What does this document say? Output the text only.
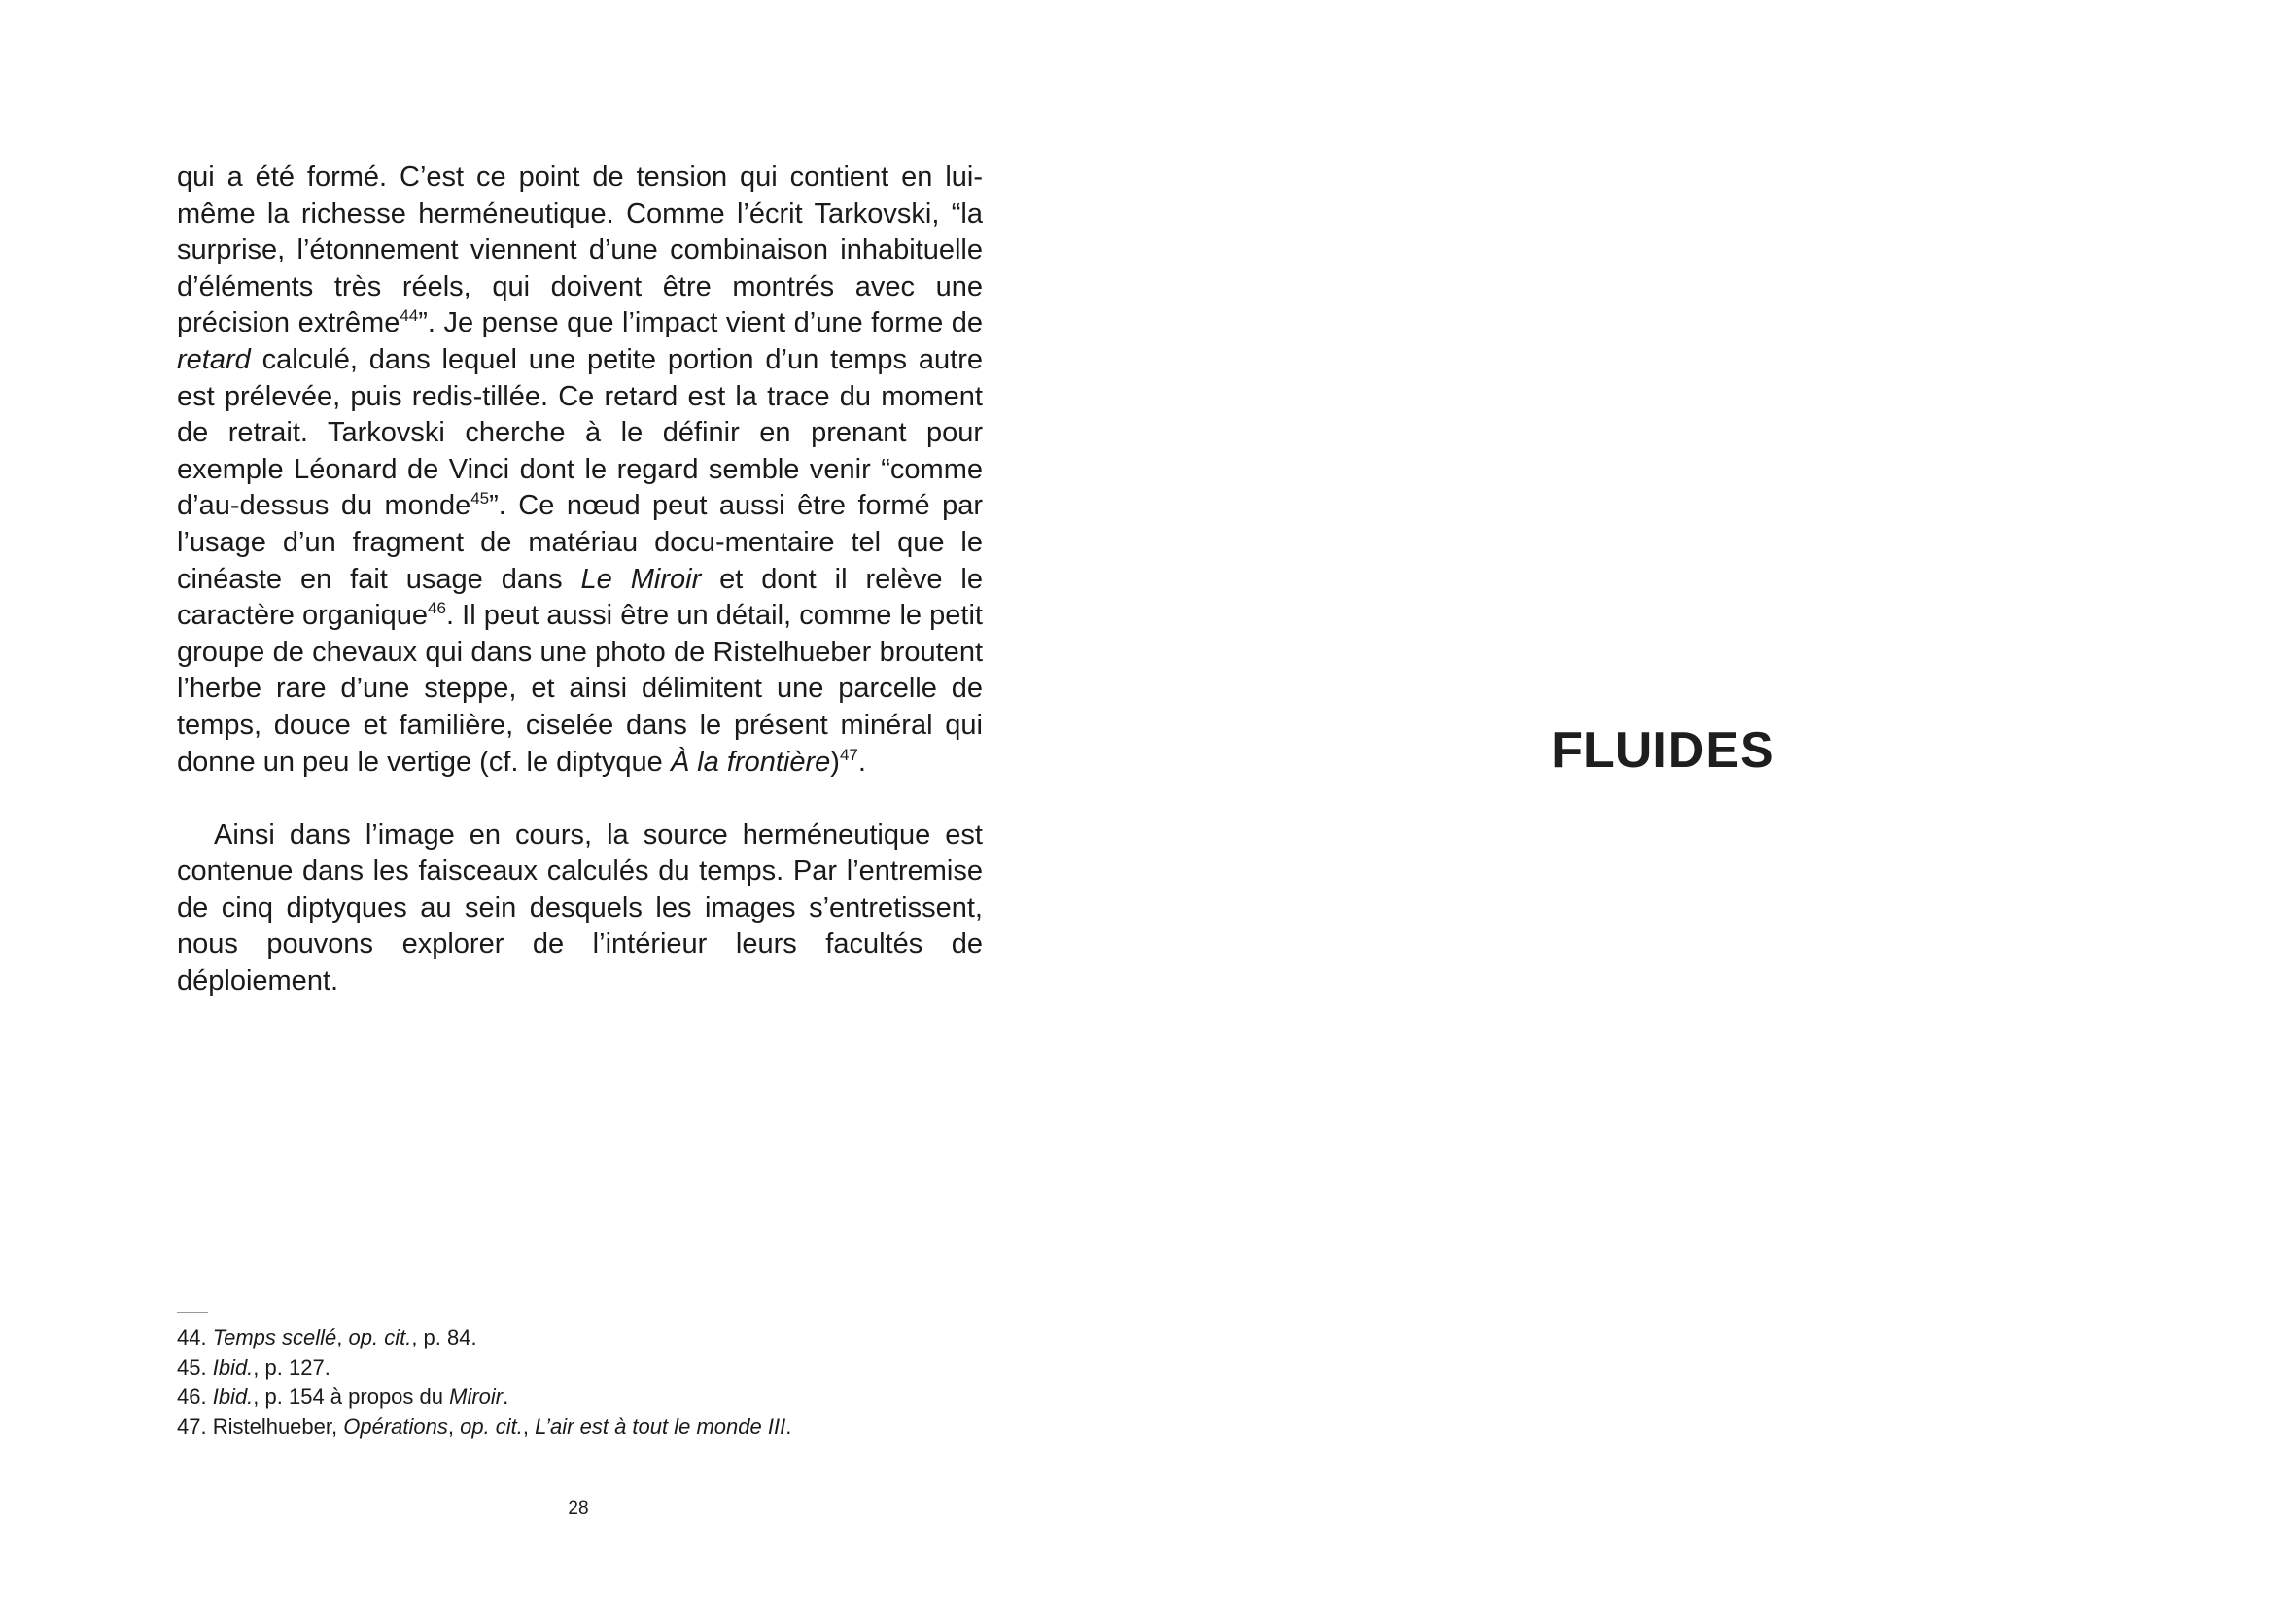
qui a été formé. C’est ce point de tension qui contient en lui-même la richesse herméneutique. Comme l’écrit Tarkovski, “la surprise, l’étonnement viennent d’une combinaison inhabituelle d’éléments très réels, qui doivent être montrés avec une précision extrême$^{44}$”. Je pense que l’impact vient d’une forme de retard calculé, dans lequel une petite portion d’un temps autre est prélevée, puis redis-tillée. Ce retard est la trace du moment de retrait. Tarkovski cherche à le définir en prenant pour exemple Léonard de Vinci dont le regard semble venir “comme d’au-dessus du monde$^{45}$”. Ce nœud peut aussi être formé par l’usage d’un fragment de matériau docu-mentaire tel que le cinéaste en fait usage dans Le Miroir et dont il relève le caractère organique$^{46}$. Il peut aussi être un détail, comme le petit groupe de chevaux qui dans une photo de Ristelhueber broutent l’herbe rare d’une steppe, et ainsi délimitent une parcelle de temps, douce et familière, ciselée dans le présent minéral qui donne un peu le vertige (cf. le diptyque À la frontière)$^{47}$.

Ainsi dans l’image en cours, la source herméneutique est contenue dans les faisceaux calculés du temps. Par l’entremise de cinq diptyques au sein desquels les images s’entretissent, nous pouvons explorer de l’intérieur leurs facultés de déploiement.

44. Temps scellé, op. cit., p. 84.
45. Ibid., p. 127.
46. Ibid., p. 154 à propos du Miroir.
47. Ristelhueber, Opérations, op. cit., L’air est à tout le monde III.
28
FLUIDES
